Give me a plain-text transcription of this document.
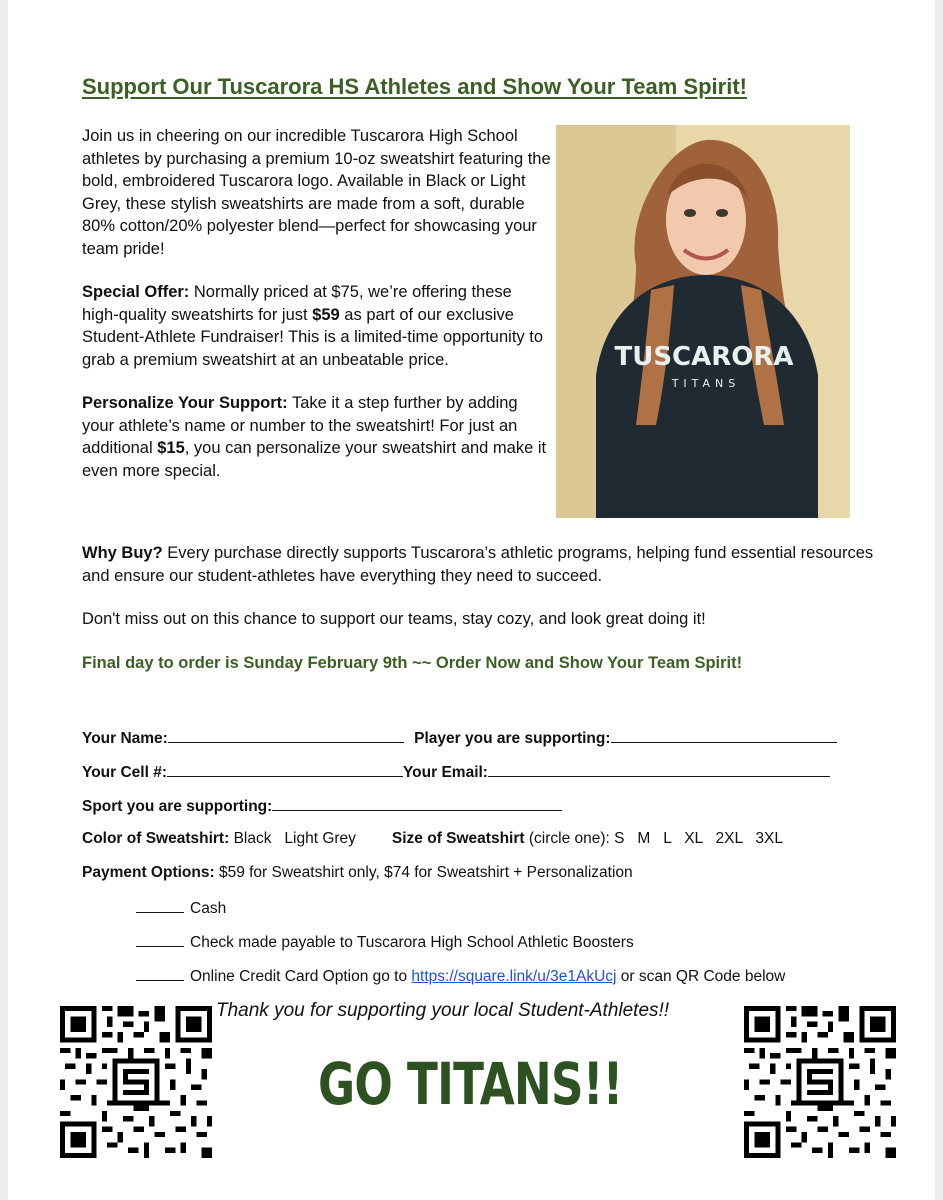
Support Our Tuscarora HS Athletes and Show Your Team Spirit!

Join us in cheering on our incredible Tuscarora High School athletes by purchasing a premium 10-oz sweatshirt featuring the bold, embroidered Tuscarora logo. Available in Black or Light Grey, these stylish sweatshirts are made from a soft, durable 80% cotton/20% polyester blend—perfect for showcasing your team pride!

Special Offer: Normally priced at $75, we’re offering these high-quality sweatshirts for just $59 as part of our exclusive Student-Athlete Fundraiser! This is a limited-time opportunity to grab a premium sweatshirt at an unbeatable price.

Personalize Your Support: Take it a step further by adding your athlete’s name or number to the sweatshirt! For just an additional $15, you can personalize your sweatshirt and make it even more special.

TUSCARORA
TITANS

Why Buy? Every purchase directly supports Tuscarora’s athletic programs, helping fund essential resources and ensure our student-athletes have everything they need to succeed.

Don't miss out on this chance to support our teams, stay cozy, and look great doing it!

Final day to order is Sunday February 9th ~~ Order Now and Show Your Team Spirit!

Your Name:	Player you are supporting:
Your Cell #:	Your Email:
Sport you are supporting:
Color of Sweatshirt: Black   Light Grey Size of Sweatshirt (circle one): S   M   L   XL   2XL   3XL
Payment Options: $59 for Sweatshirt only, $74 for Sweatshirt + Personalization
Cash
Check made payable to Tuscarora High School Athletic Boosters
Online Credit Card Option go to https://square.link/u/3e1AkUcj or scan QR Code below
Thank you for supporting your local Student-Athletes!!
GO TITANS!!
